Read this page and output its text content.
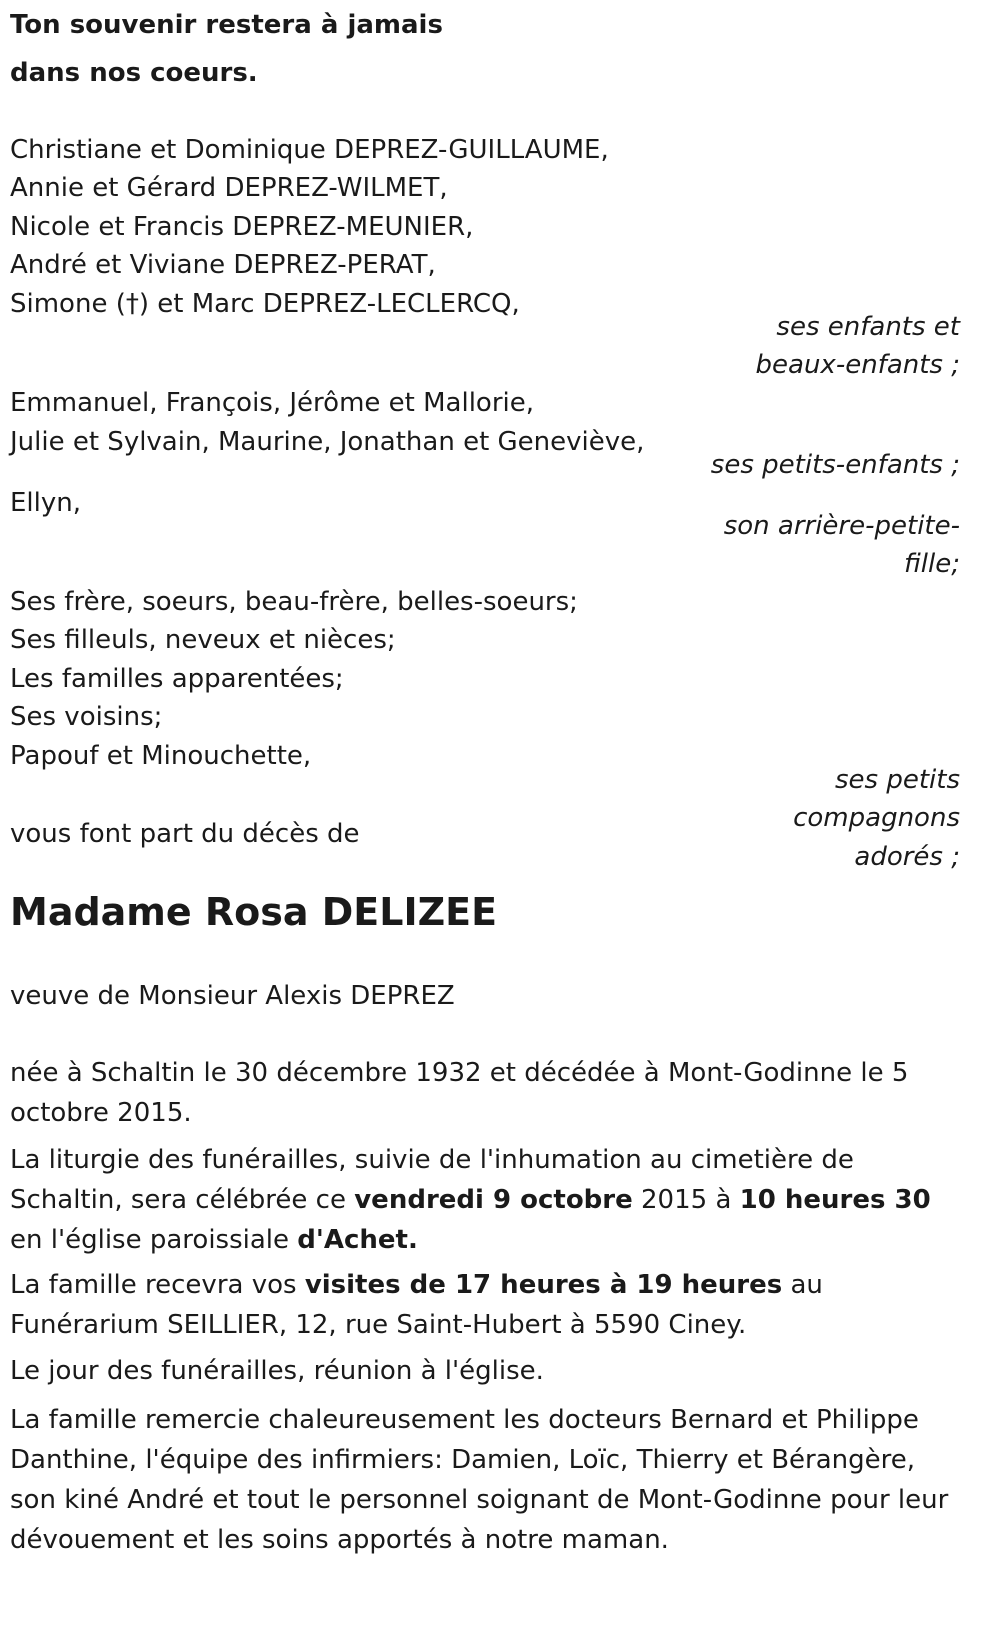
Ton souvenir restera à jamais
dans nos coeurs.
Christiane et Dominique DEPREZ-GUILLAUME,
Annie et Gérard DEPREZ-WILMET,
Nicole et Francis DEPREZ-MEUNIER,
André et Viviane DEPREZ-PERAT,
Simone (†) et Marc DEPREZ-LECLERCQ,
ses enfants et
beaux-enfants ;
Emmanuel, François, Jérôme et Mallorie,
Julie et Sylvain, Maurine, Jonathan et Geneviève,
ses petits-enfants ;
Ellyn,
son arrière-petite-
fille;
Ses frère, soeurs, beau-frère, belles-soeurs;
Ses filleuls, neveux et nièces;
Les familles apparentées;
Ses voisins;
Papouf et Minouchette,
ses petits
compagnons
adorés ;
vous font part du décès de
Madame Rosa DELIZEE
veuve de Monsieur Alexis DEPREZ
née à Schaltin le 30 décembre 1932 et décédée à Mont-Godinne le 5 octobre 2015.
La liturgie des funérailles, suivie de l'inhumation au cimetière de Schaltin, sera célébrée ce vendredi 9 octobre 2015 à 10 heures 30 en l'église paroissiale d'Achet.
La famille recevra vos visites de 17 heures à 19 heures au Funérarium SEILLIER, 12, rue Saint-Hubert à 5590 Ciney.
Le jour des funérailles, réunion à l'église.
La famille remercie chaleureusement les docteurs Bernard et Philippe Danthine, l'équipe des infirmiers: Damien, Loïc, Thierry et Bérangère, son kiné André et tout le personnel soignant de Mont-Godinne pour leur dévouement et les soins apportés à notre maman.
